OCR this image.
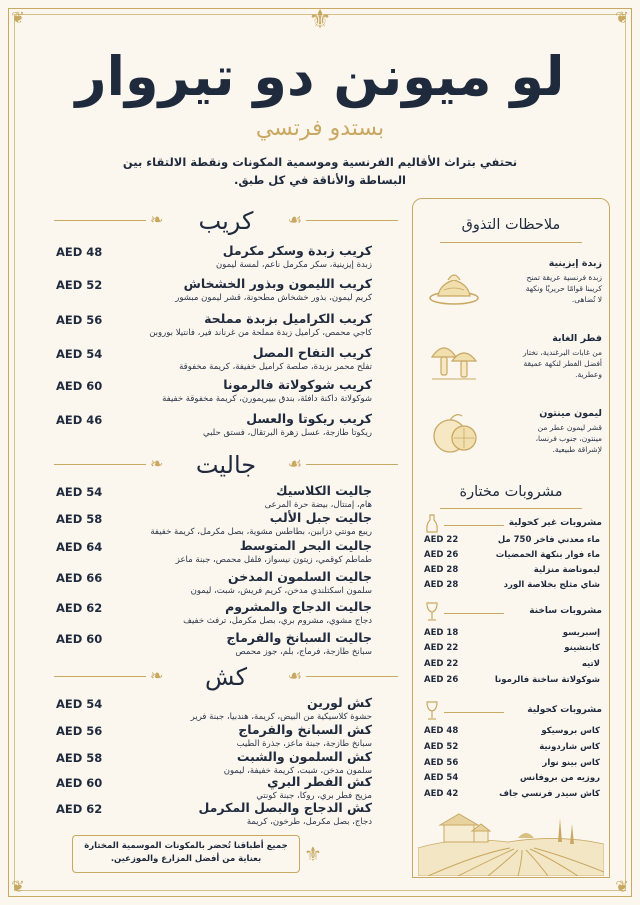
❦	❦
❦	❦
⚜
لو ميونن دو تيروار
بستدو فرتسي
نحتفي بتراث الأقاليم الفرنسية وموسمية المكونات ونقطة الالتقاء بين البساطة والأناقة في كل طبق.
❧	☙
كريب
AED 48	كريب زبدة وسكر مكرمل
زبدة إيزينية، سكر مكرمل ناعم، لمسة ليمون
AED 52	كريب الليمون وبذور الخشخاش
كريم ليمون، بذور خشخاش مطحونة، قشر ليمون مبشور
AED 56	كريب الكراميل بزبدة مملحة
كاجي محمص، كراميل زبدة مملحة من غرناند فير، فانتيلا بوروبن
AED 54	كريب التفاح المصل
تفلح محمر بزبدة، صلصة كراميل خفيفة، كريمة مخفوقة
AED 60	كريب شوكولاتة فالرمونا
شوكولاتة داكنة دافئة، بندق بييريمورن، كريمة مخفوقة خفيفة
AED 46	كريب ريكوتا والعسل
ريكوتا طازجة، عسل زهرة البرتقال، فستق حلبي
❧	☙
جاليت
AED 54	جاليت الكلاسيك
هام، إمنتال، بيضة حرة المرعى
AED 58	جاليت جبل الألب
ريبع مونتي دزابين، بطاطس مشوية، بصل مكرمل، كريمة خفيفة
AED 64	جاليت البحر المتوسط
طماطم كوقمي، زيتون نيسواز، فلفل محمص، جبنة ماعز
AED 66	جاليت السلمون المدخن
سلمون اسكتلندي مدخن، كريم فريش، شبت، ليمون
AED 62	جاليت الدجاج والمشروم
دجاج مشوي، مشروم بري، بصل مكرمل، ترفث خفيف
AED 60	جاليت السبانخ والفرماج
سبانخ طازجة، فرماج، بلم، جوز محمص
❧	☙
كش
AED 54	كش لورين
حشوة كلاسيكية من البيض، كريمة، هندبيا، جبنة فرير
AED 56	كش السبانخ والفرماج
سبانخ طازجة، جبنة ماعز، جذرة الطيب
AED 58	كش السلمون والشبت
سلمون مدخن، شبت، كريمة خفيفة، ليمون
AED 60	كش الفطر البري
مزيج فطر بري، روكا، جبنة كونتي
AED 62	كش الدجاج والبصل المكرمل
دجاج، بصل مكرمل، طرخون، كريمة
جميع أطباقنا تُحضر بالمكونات الموسمية المختارة بعناية من أفضل المزارع والموزعين.	⚜
ملاحظات التذوق
زبدة إيزينية
زبدة فرنسية عريقة تمنح كريبنا قوامًا حريريًا ونكهة لا تُضاهى.
فطر الغابة
من غابات البرغندية، نختار أفضل الفطر لنكهة عميقة وعطرية.
ليمون مينتون
قشر ليمون عطر من مينتون، جنوب فرنسا، لإشراقة طبيعية.
مشروبات مختارة
مشروبات غير كحولية
AED 22	ماء معدني فاخر 750 مل
AED 26	ماء فوار بنكهة الحمضيات
AED 28	ليموناضة منزلية
AED 28	شاي مثلج بخلاصة الورد
مشروبات ساخنة
AED 18	إسبريسو
AED 22	كابتشينو
AED 22	لاتيه
AED 26	شوكولاتة ساخنة فالرمونا
مشروبات كحولية
AED 48	كاس بروسيكو
AED 52	كاس شاردونية
AED 56	كاس بينو نوار
AED 54	روزيه من بروفانس
AED 42	كاش سيدر فرنسي جاف
